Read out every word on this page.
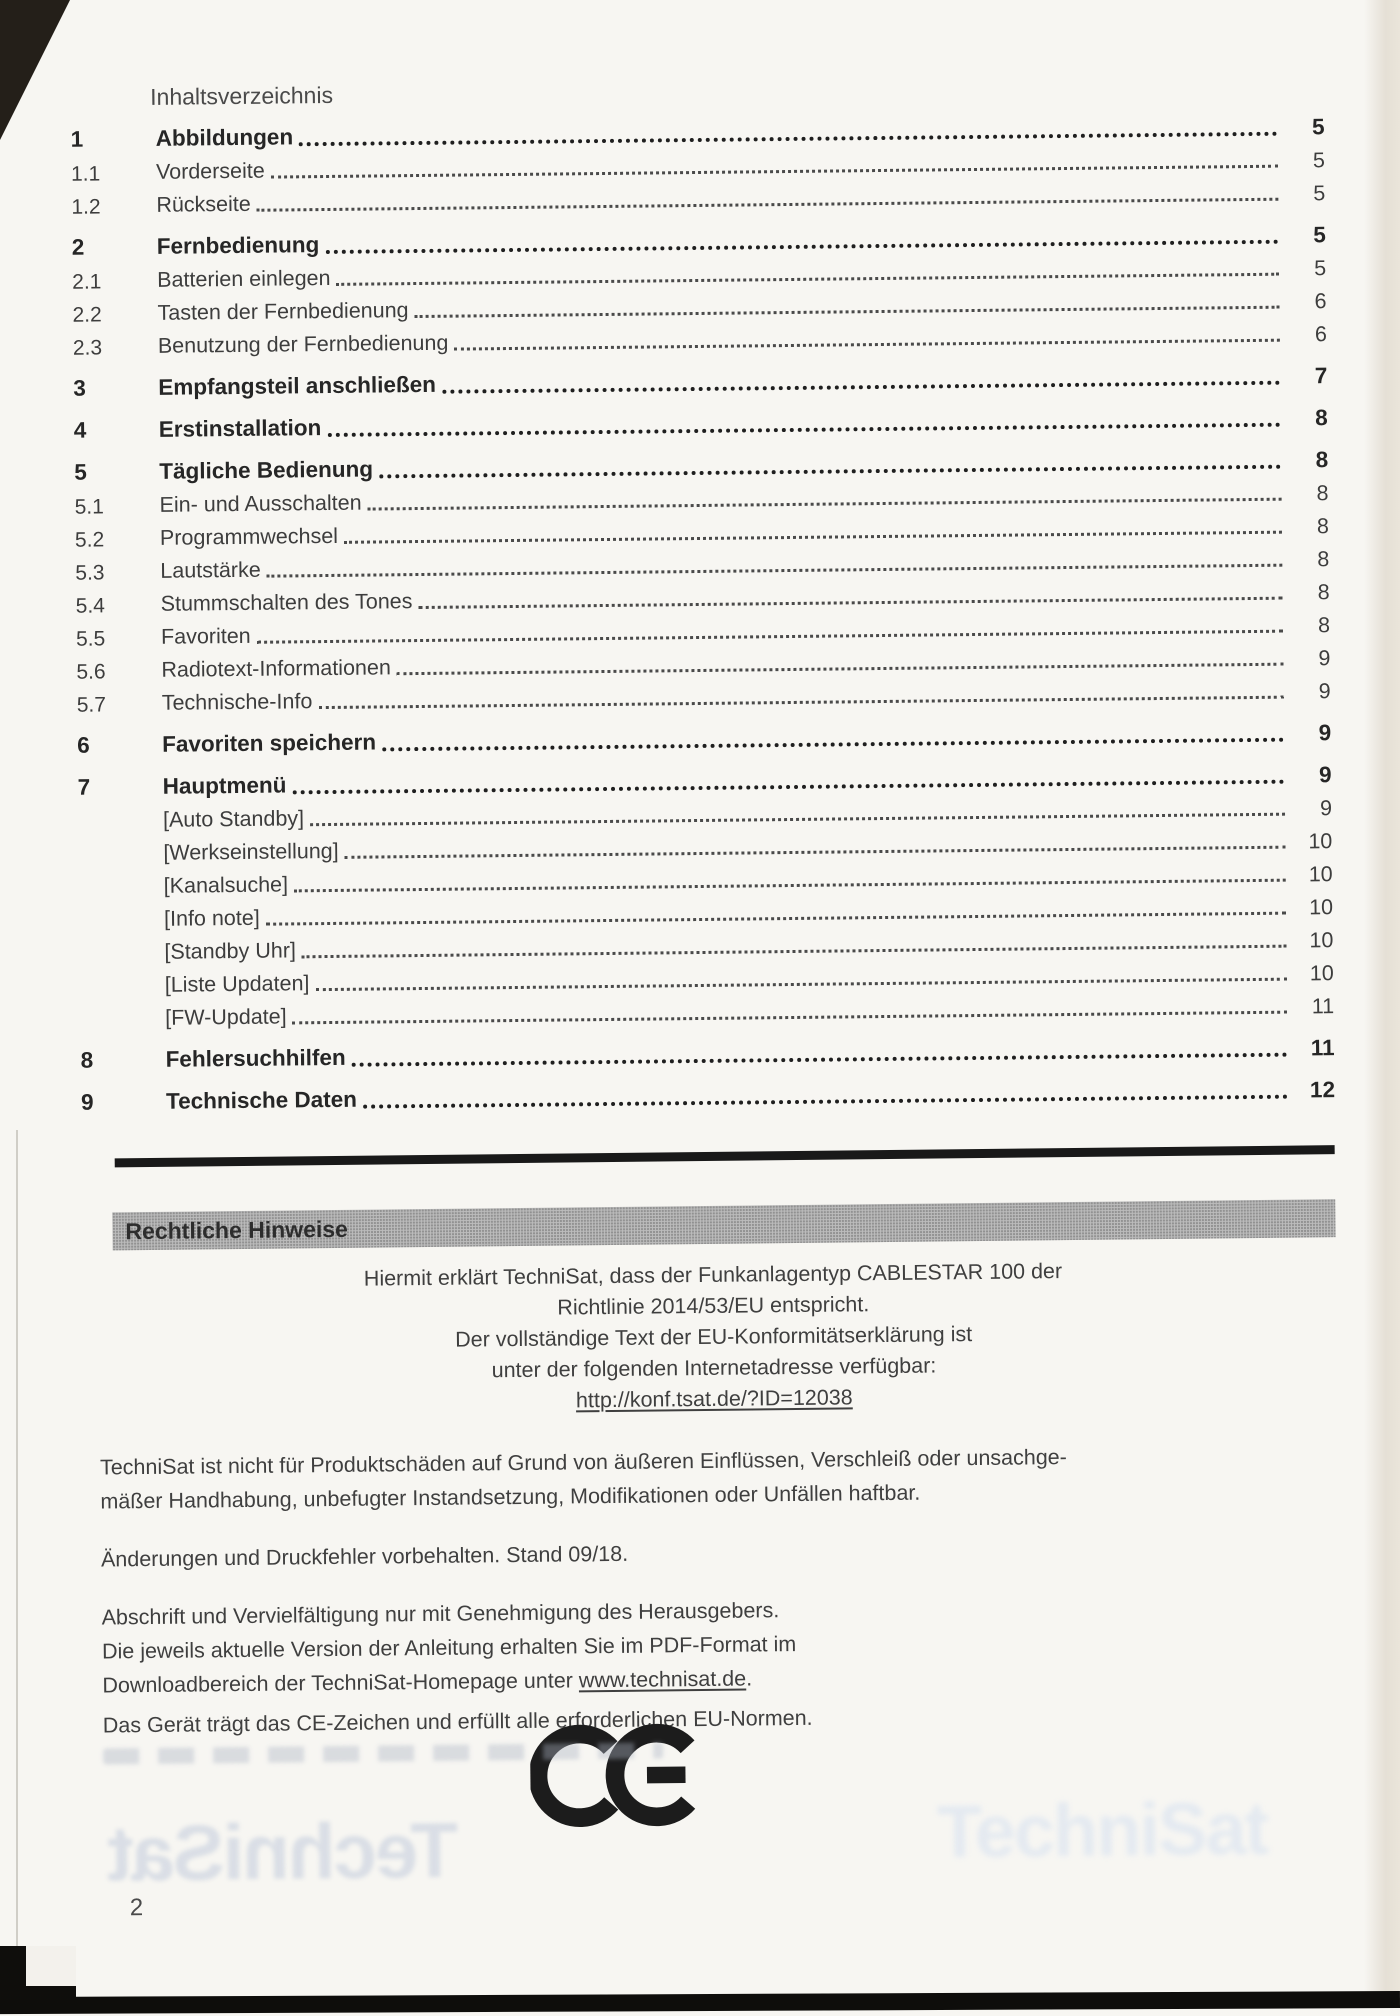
Inhaltsverzeichnis
1	Abbildungen	5
1.1	Vorderseite	5
1.2	Rückseite	5
2	Fernbedienung	5
2.1	Batterien einlegen	5
2.2	Tasten der Fernbedienung	6
2.3	Benutzung der Fernbedienung	6
3	Empfangsteil anschließen	7
4	Erstinstallation	8
5	Tägliche Bedienung	8
5.1	Ein- und Ausschalten	8
5.2	Programmwechsel	8
5.3	Lautstärke	8
5.4	Stummschalten des Tones	8
5.5	Favoriten	8
5.6	Radiotext-Informationen	9
5.7	Technische-Info	9
6	Favoriten speichern	9
7	Hauptmenü	9
[Auto Standby]	9
[Werkseinstellung]	10
[Kanalsuche]	10
[Info note]	10
[Standby Uhr]	10
[Liste Updaten]	10
[FW-Update]	11
8	Fehlersuchhilfen	11
9	Technische Daten	12
Rechtliche Hinweise
Hiermit erklärt TechniSat, dass der Funkanlagentyp CABLESTAR 100 der
Richtlinie 2014/53/EU entspricht.
Der vollständige Text der EU-Konformitätserklärung ist
unter der folgenden Internetadresse verfügbar:
http://konf.tsat.de/?ID=12038
TechniSat ist nicht für Produktschäden auf Grund von äußeren Einflüssen, Verschleiß oder unsachge-
mäßer Handhabung, unbefugter Instandsetzung, Modifikationen oder Unfällen haftbar.
Änderungen und Druckfehler vorbehalten. Stand 09/18.
Abschrift und Vervielfältigung nur mit Genehmigung des Herausgebers.
Die jeweils aktuelle Version der Anleitung erhalten Sie im PDF-Format im
Downloadbereich der TechniSat-Homepage unter www.technisat.de.
Das Gerät trägt das CE-Zeichen und erfüllt alle erforderlichen EU-Normen.
TechniSat	TechniSat
2
